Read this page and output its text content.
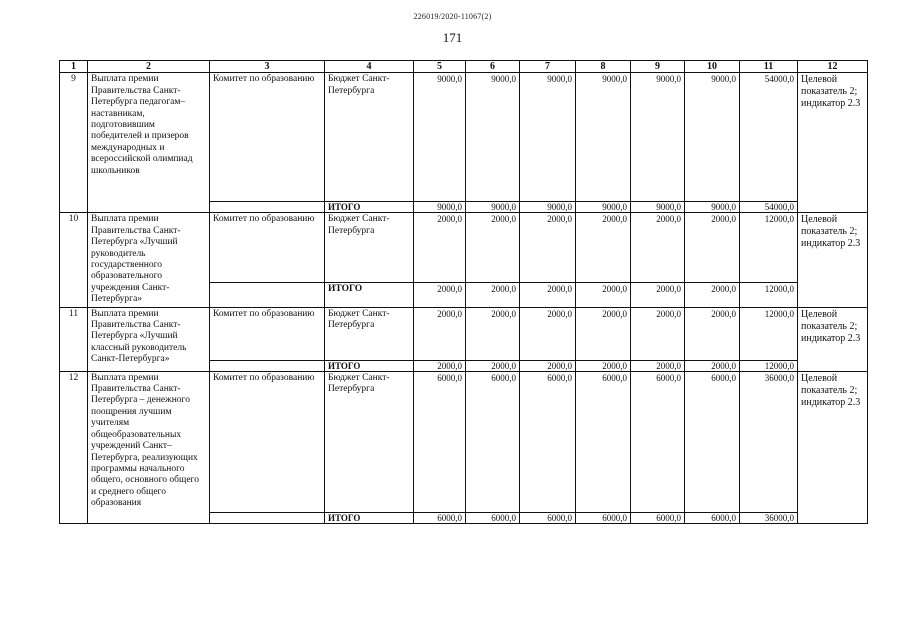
226019/2020-11067(2)
171
1	2	3	4	5	6	7	8	9	10	11	12
9	Выплата премии Правительства Санкт-Петербурга педагогам–наставникам, подготовившим победителей и призеров международных и всероссийской олимпиад школьников	Комитет по образованию	Бюджет Санкт-Петербурга	9000,0	9000,0	9000,0	9000,0	9000,0	9000,0	54000,0	Целевой показатель 2; индикатор 2.3
			ИТОГО	9000,0	9000,0	9000,0	9000,0	9000,0	9000,0	54000,0	
10	Выплата премии Правительства Санкт-Петербурга «Лучший руководитель государственного образовательного учреждения Санкт-Петербурга»	Комитет по образованию	Бюджет Санкт-Петербурга	2000,0	2000,0	2000,0	2000,0	2000,0	2000,0	12000,0	Целевой показатель 2; индикатор 2.3
			ИТОГО	2000,0	2000,0	2000,0	2000,0	2000,0	2000,0	12000,0	
11	Выплата премии Правительства Санкт-Петербурга «Лучший классный руководитель Санкт-Петербурга»	Комитет по образованию	Бюджет Санкт-Петербурга	2000,0	2000,0	2000,0	2000,0	2000,0	2000,0	12000,0	Целевой показатель 2; индикатор 2.3
			ИТОГО	2000,0	2000,0	2000,0	2000,0	2000,0	2000,0	12000,0	
12	Выплата премии Правительства Санкт-Петербурга – денежного поощрения лучшим учителям общеобразовательных учреждений Санкт–Петербурга, реализующих программы начального общего, основного общего и среднего общего образования	Комитет по образованию	Бюджет Санкт-Петербурга	6000,0	6000,0	6000,0	6000,0	6000,0	6000,0	36000,0	Целевой показатель 2; индикатор 2.3
			ИТОГО	6000,0	6000,0	6000,0	6000,0	6000,0	6000,0	36000,0	
